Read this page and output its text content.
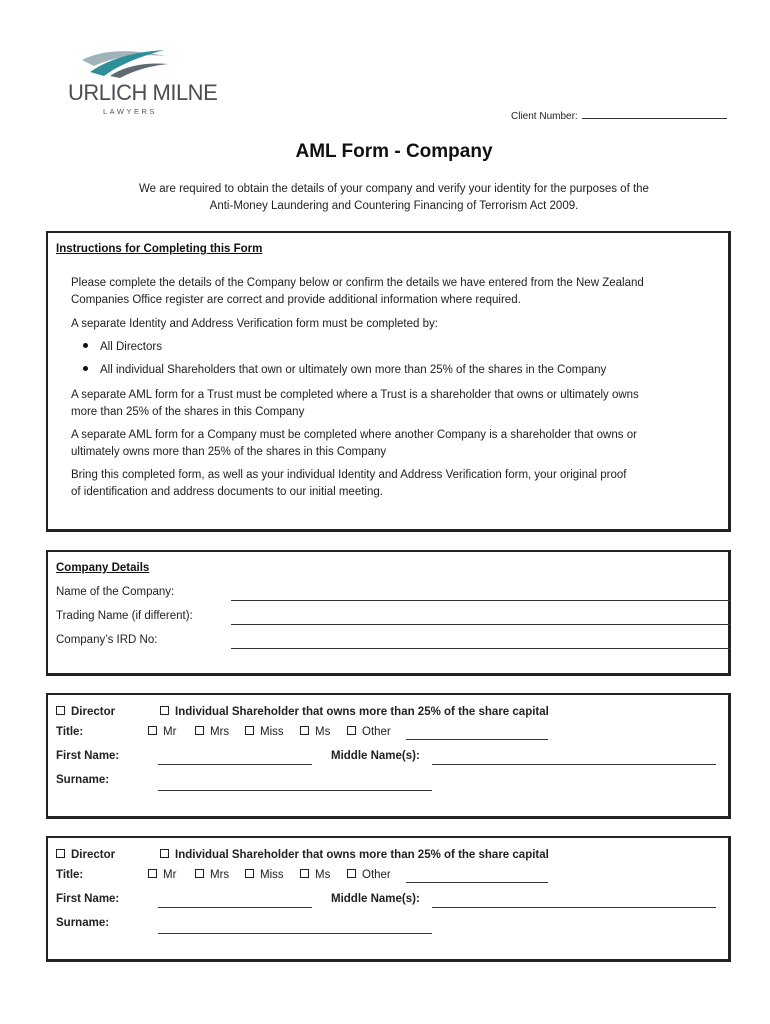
URLICH MILNE
LAWYERS	Client Number:
AML Form - Company
We are required to obtain the details of your company and verify your identity for the purposes of the
Anti-Money Laundering and Countering Financing of Terrorism Act 2009.
Instructions for Completing this Form
Please complete the details of the Company below or confirm the details we have entered from the New Zealand
Companies Office register are correct and provide additional information where required.
A separate Identity and Address Verification form must be completed by:
All Directors
All individual Shareholders that own or ultimately own more than 25% of the shares in the Company
A separate AML form for a Trust must be completed where a Trust is a shareholder that owns or ultimately owns
more than 25% of the shares in this Company
A separate AML form for a Company must be completed where another Company is a shareholder that owns or
ultimately owns more than 25% of the shares in this Company
Bring this completed form, as well as your individual Identity and Address Verification form, your original proof
of identification and address documents to our initial meeting.
Company Details
Name of the Company:
Trading Name (if different):
Company’s IRD No:
Director	Individual Shareholder that owns more than 25% of the share capital
Title:	Mr	Mrs	Miss	Ms	Other
First Name:	Middle Name(s):
Surname:
Director	Individual Shareholder that owns more than 25% of the share capital
Title:	Mr	Mrs	Miss	Ms	Other
First Name:	Middle Name(s):
Surname:
